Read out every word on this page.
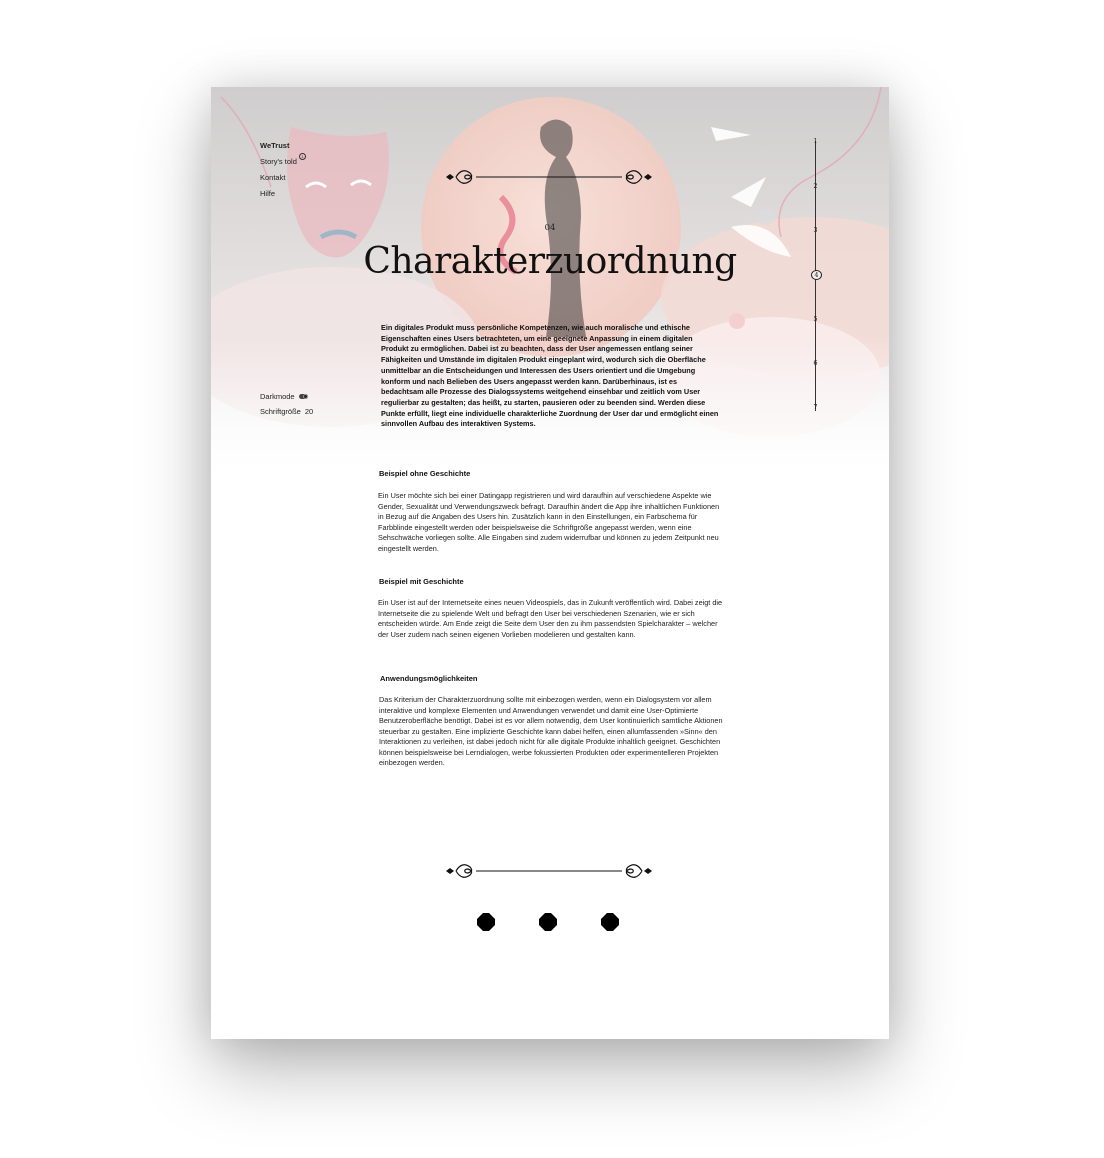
WeTrust
Story's told
1
Kontakt
Hilfe
Darkmode
Schriftgröße 20
1
2
3
4
5
6
7
04
Charakterzuordnung
Ein digitales Produkt muss persönliche Kompetenzen, wie auch moralische und ethische Eigenschaften eines Users betrachteten, um eine geeignete Anpassung in einem digitalen Produkt zu ermöglichen. Dabei ist zu beachten, dass der User angemessen entlang seiner Fähigkeiten und Umstände im digitalen Produkt eingeplant wird, wodurch sich die Oberfläche unmittelbar an die Entscheidungen und Interessen des Users orientiert und die Umgebung konform und nach Belieben des Users angepasst werden kann. Darüberhinaus, ist es bedachtsam alle Prozesse des Dialogssystems weitgehend einsehbar und zeitlich vom User regulierbar zu gestalten; das heißt, zu starten, pausieren oder zu beenden sind. Werden diese Punkte erfüllt, liegt eine individuelle charakterliche Zuordnung der User dar und ermöglicht einen sinnvollen Aufbau des interaktiven Systems.
Beispiel ohne Geschichte
Ein User möchte sich bei einer Datingapp registrieren und wird daraufhin auf verschiedene Aspekte wie Gender, Sexualität und Verwendungszweck befragt. Daraufhin ändert die App ihre inhaltlichen Funktionen in Bezug auf die Angaben des Users hin. Zusätzlich kann in den Einstellungen, ein Farbschema für Farbblinde eingestellt werden oder beispielsweise die Schriftgröße angepasst werden, wenn eine Sehschwäche vorliegen sollte. Alle Eingaben sind zudem widerrufbar und können zu jedem Zeitpunkt neu eingestellt werden.
Beispiel mit Geschichte
Ein User ist auf der Internetseite eines neuen Videospiels, das in Zukunft veröffentlich wird. Dabei zeigt die Internetseite die zu spielende Welt und befragt den User bei verschiedenen Szenarien, wie er sich entscheiden würde. Am Ende zeigt die Seite dem User den zu ihm passendsten Spielcharakter – welcher der User zudem nach seinen eigenen Vorlieben modelieren und gestalten kann.
Anwendungsmöglichkeiten
Das Kriterium der Charakterzuordnung sollte mit einbezogen werden, wenn ein Dialogsystem vor allem interaktive und komplexe Elementen und Anwendungen verwendet und damit eine User-Optimierte Benutzeroberfläche benötigt. Dabei ist es vor allem notwendig, dem User kontinuierlich samtliche Aktionen steuerbar zu gestalten. Eine implizierte Geschichte kann dabei helfen, einen allumfassenden »Sinn« den Interaktionen zu verleihen, ist dabei jedoch nicht für alle digitale Produkte inhaltlich geeignet. Geschichten können beispielsweise bei Lerndialogen, werbe fokussierten Produkten oder experimentelleren Projekten einbezogen werden.
